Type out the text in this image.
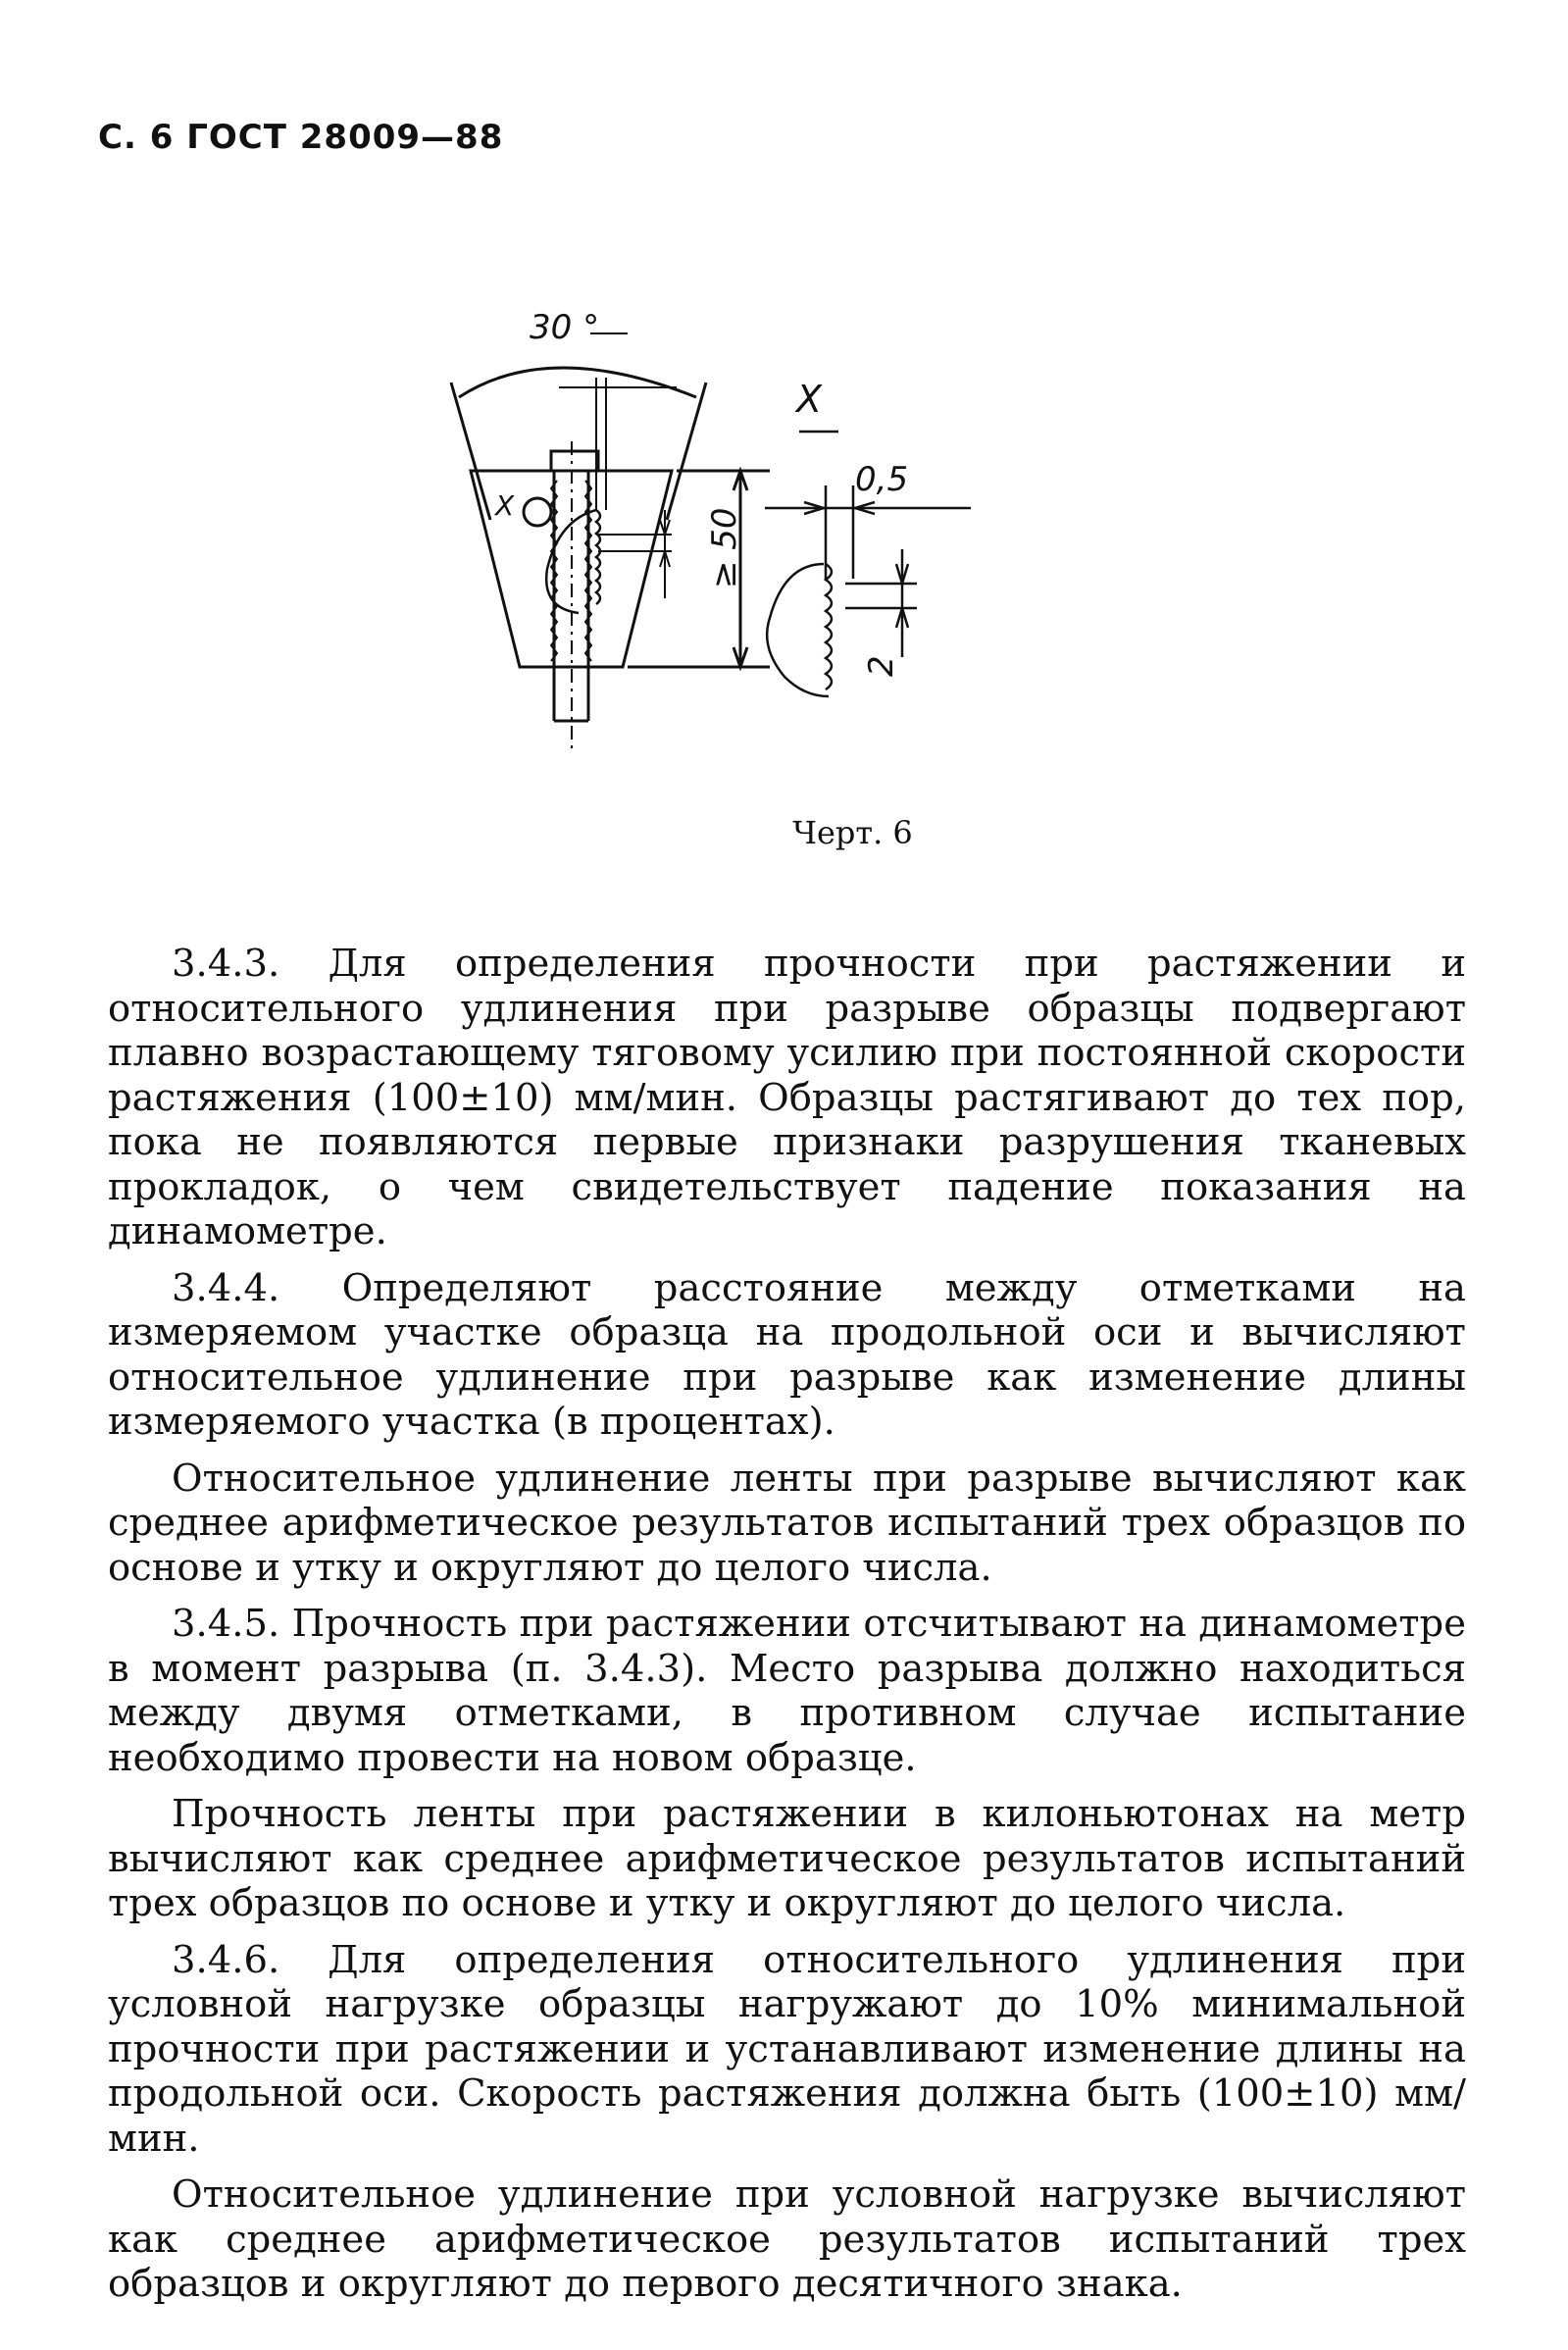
С. 6 ГОСТ 28009—88
30 °
X
≥ 50
X
0,5
2
Черт. 6

3.4.3. Для определения прочности при растяжении и относительного удлинения при разрыве образцы подвергают плавно возрастающему тяговому усилию при постоянной скорости растяжения (100±10) мм/мин. Образцы растягивают до тех пор, пока не появляются первые признаки разрушения тканевых прокладок, о чем свидетельствует падение показания на динамометре.

3.4.4. Определяют расстояние между отметками на измеряемом участке образца на продольной оси и вычисляют относительное удлинение при разрыве как изменение длины измеряемого участка (в процентах).

Относительное удлинение ленты при разрыве вычисляют как среднее арифметическое результатов испытаний трех образцов по основе и утку и округляют до целого числа.

3.4.5. Прочность при растяжении отсчитывают на динамометре в момент разрыва (п. 3.4.3). Место разрыва должно находиться между двумя отметками, в противном случае испытание необходимо провести на новом образце.

Прочность ленты при растяжении в килоньютонах на метр вычисляют как среднее арифметическое результатов испытаний трех образцов по основе и утку и округляют до целого числа.

3.4.6. Для определения относительного удлинения при условной нагрузке образцы нагружают до 10% минимальной прочности при растяжении и устанавливают изменение длины на продольной оси. Скорость растяжения должна быть (100±10) мм/мин.

Относительное удлинение при условной нагрузке вычисляют как среднее арифметическое результатов испытаний трех образцов и округляют до первого десятичного знака.
